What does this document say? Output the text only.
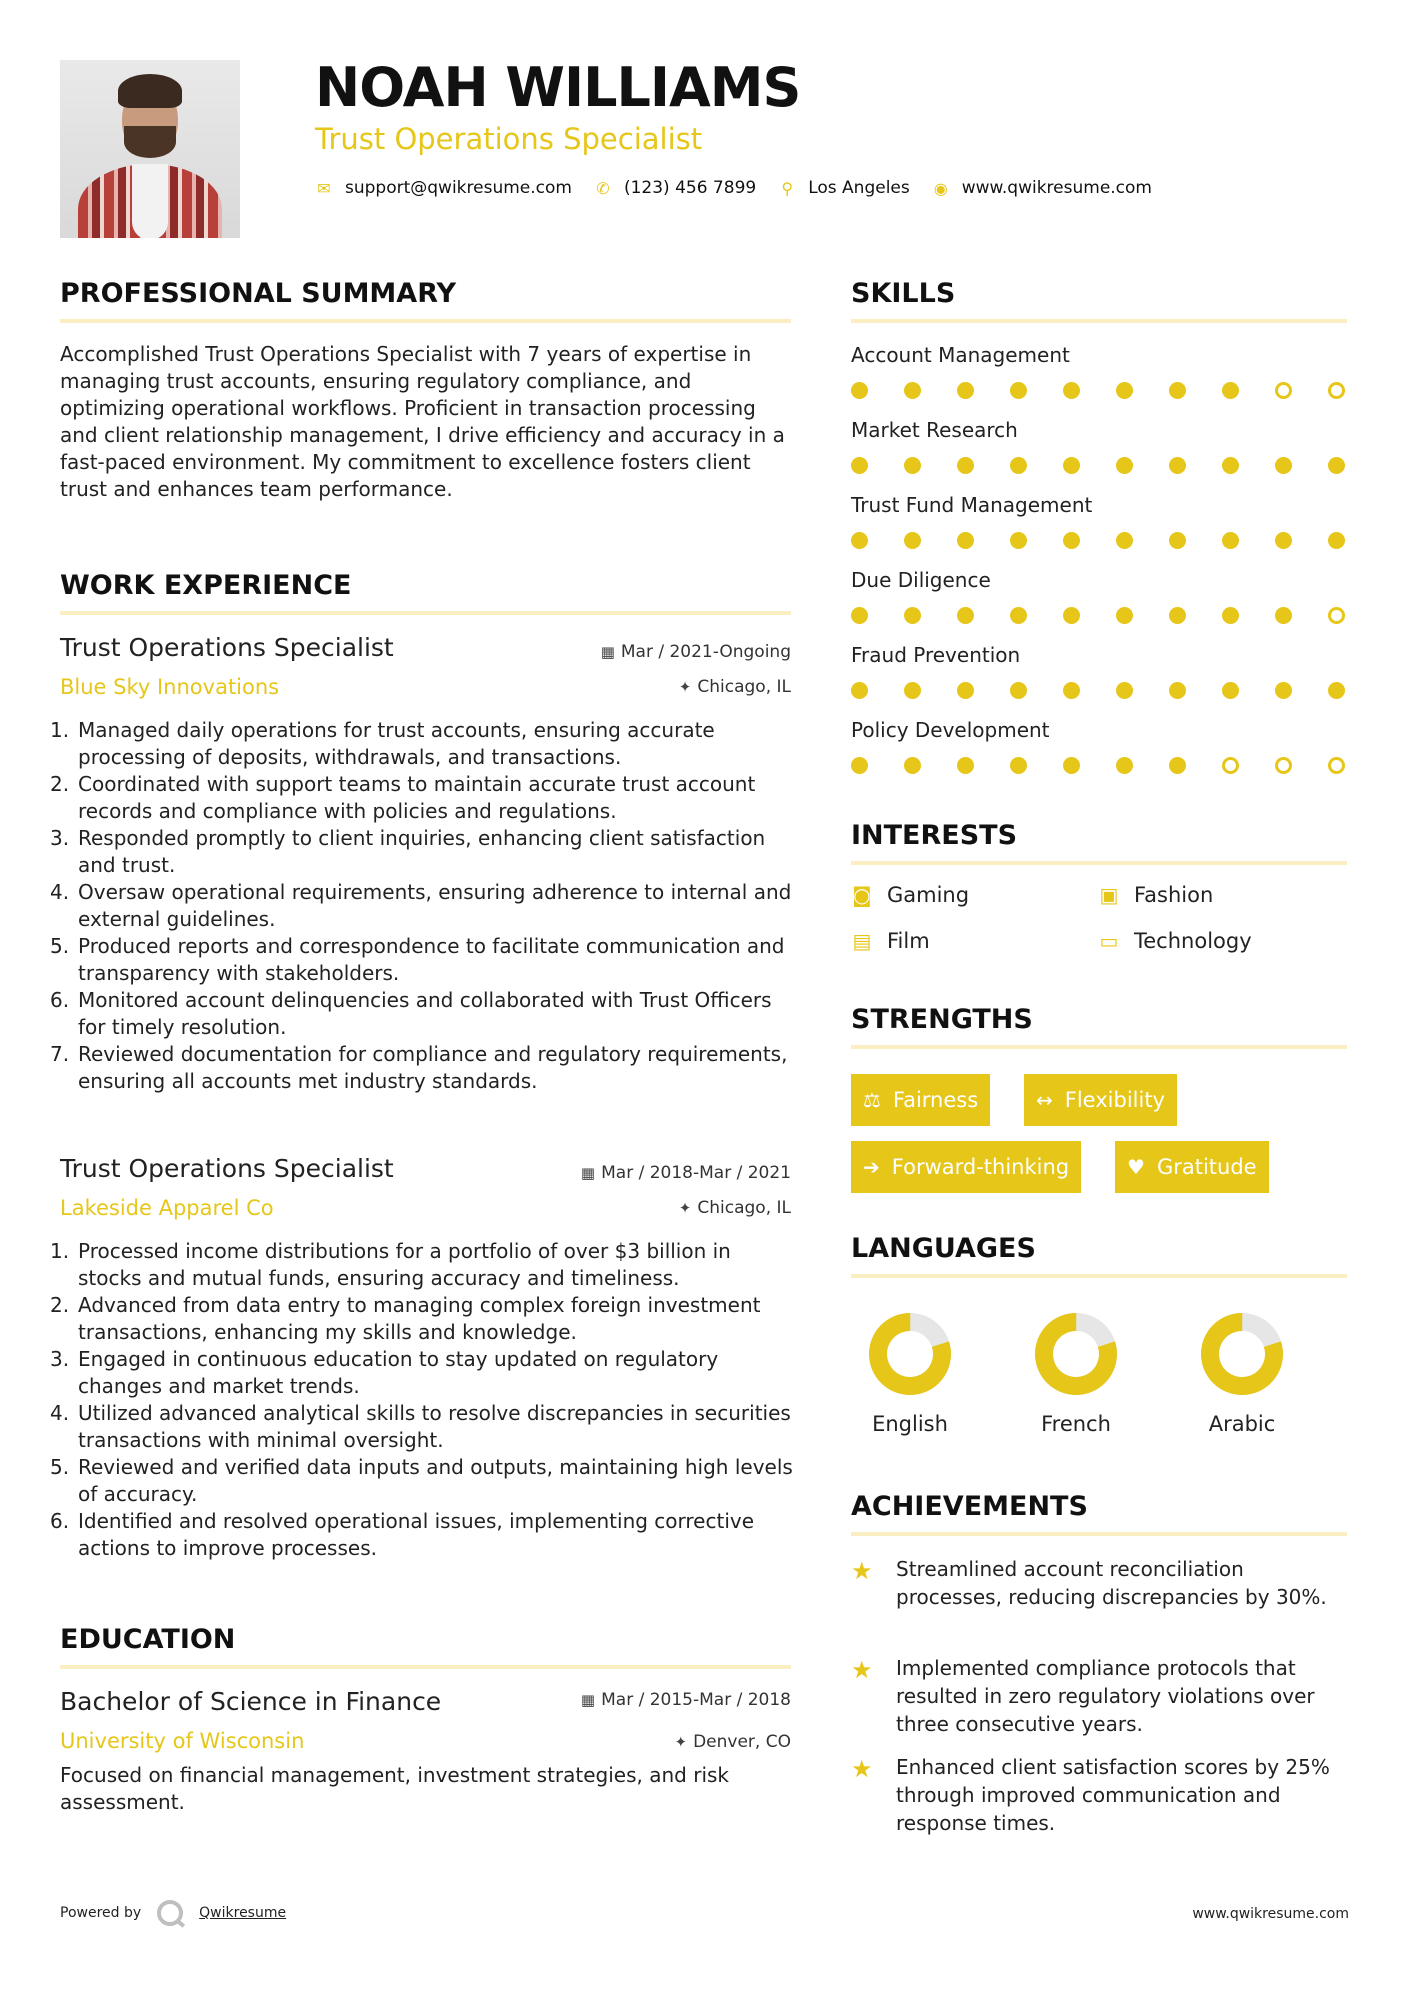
NOAH WILLIAMS
Trust Operations Specialist
✉ support@qwikresume.com ✆ (123) 456 7899 ⚲ Los Angeles ◉ www.qwikresume.com
PROFESSIONAL SUMMARY

Accomplished Trust Operations Specialist with 7 years of expertise in managing trust accounts, ensuring regulatory compliance, and optimizing operational workflows. Proficient in transaction processing and client relationship management, I drive efficiency and accuracy in a fast-paced environment. My commitment to excellence fosters client trust and enhances team performance.

WORK EXPERIENCE
Trust Operations Specialist
Blue Sky Innovations
▦ Mar / 2021-Ongoing
✦ Chicago, IL
1. Managed daily operations for trust accounts, ensuring accurate processing of deposits, withdrawals, and transactions.
2. Coordinated with support teams to maintain accurate trust account records and compliance with policies and regulations.
3. Responded promptly to client inquiries, enhancing client satisfaction and trust.
4. Oversaw operational requirements, ensuring adherence to internal and external guidelines.
5. Produced reports and correspondence to facilitate communication and transparency with stakeholders.
6. Monitored account delinquencies and collaborated with Trust Officers for timely resolution.
7. Reviewed documentation for compliance and regulatory requirements, ensuring all accounts met industry standards.
Trust Operations Specialist
Lakeside Apparel Co
▦ Mar / 2018-Mar / 2021
✦ Chicago, IL
1. Processed income distributions for a portfolio of over $3 billion in stocks and mutual funds, ensuring accuracy and timeliness.
2. Advanced from data entry to managing complex foreign investment transactions, enhancing my skills and knowledge.
3. Engaged in continuous education to stay updated on regulatory changes and market trends.
4. Utilized advanced analytical skills to resolve discrepancies in securities transactions with minimal oversight.
5. Reviewed and verified data inputs and outputs, maintaining high levels of accuracy.
6. Identified and resolved operational issues, implementing corrective actions to improve processes.
EDUCATION
Bachelor of Science in Finance
University of Wisconsin
▦ Mar / 2015-Mar / 2018
✦ Denver, CO

Focused on financial management, investment strategies, and risk assessment.

SKILLS
Account Management
Market Research
Trust Fund Management
Due Diligence
Fraud Prevention
Policy Development
INTERESTS
◙ Gaming	▣ Fashion
▤ Film	▭ Technology
STRENGTHS
⚖ Fairness	↔ Flexibility
➔ Forward-thinking	♥ Gratitude
LANGUAGES
English	French	Arabic
ACHIEVEMENTS
★ Streamlined account reconciliation processes, reducing discrepancies by 30%.
★ Implemented compliance protocols that resulted in zero regulatory violations over three consecutive years.
★ Enhanced client satisfaction scores by 25% through improved communication and response times.
Powered by	Qwikresume	www.qwikresume.com
